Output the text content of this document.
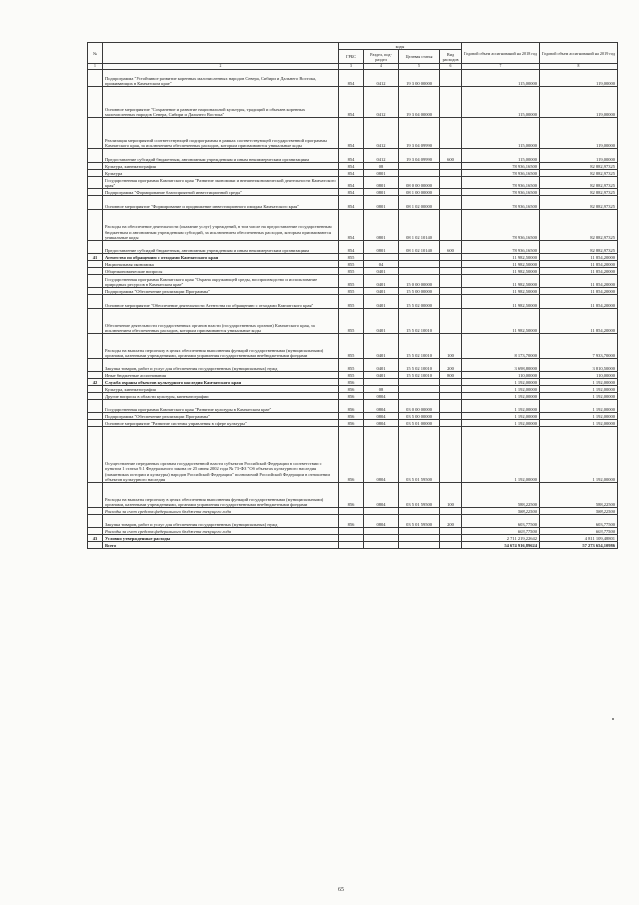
№		коды				Годовой объем ассигнований на 2018 год	Годовой объем ассигнований на 2019 год
		ГРБС	Раздел, под-раздел	Целевая статья	Вид расходов		
1	2	3	4	5	6	7	8
	Подпрограмма "Устойчивое развитие коренных малочисленных народов Севера, Сибири и Дальнего Востока, проживающих в Камчатском крае"	854	0412	19 3 00 00000		115,00000	119,00000
	Основное мероприятие "Сохранение и развитие национальной культуры, традиций и обычаев коренных малочисленных народов Севера, Сибири и Дальнего Востока"	854	0412	19 3 04 00000		115,00000	119,00000
	Реализация мероприятий соответствующей подпрограммы в рамках соответствующей государственной программы Камчатского края, за исключением обеспеченных расходов, которым присваиваются уникальные коды	854	0412	19 3 04 09990		115,00000	119,00000
	Предоставление субсидий бюджетным, автономным учреждениям и иным некоммерческим организациям	854	0412	19 3 04 09990	600	115,00000	119,00000
	Культура, кинематография	854	08			78 936,16500	82 882,97325
	Культура	854	0801			78 936,16500	82 882,97325
	Государственная программа Камчатского края "Развитие экономики и внешнеэкономической деятельности Камчатского края"	854	0801	08 0 00 00000		78 936,16500	82 882,97325
	Подпрограмма "Формирование благоприятной инвестиционной среды"	854	0801	08 1 00 00000		78 936,16500	82 882,97325
	Основное мероприятие "Формирование и продвижение инвестиционного имиджа Камчатского края"	854	0801	08 1 02 00000		78 936,16500	82 882,97325
	Расходы на обеспечение деятельности (оказание услуг) учреждений, в том числе на предоставление государственным бюджетным и автономным учреждениям субсидий, за исключением обеспеченных расходов, которым присваиваются уникальные коды	854	0801	08 1 02 10140		78 936,16500	82 882,97325
	Предоставление субсидий бюджетным, автономным учреждениям и иным некоммерческим организациям	854	0801	08 1 02 10140	600	78 936,16500	82 882,97325
41	Агентство по обращению с отходами Камчатского края	855				11 982,50000	11 854,20000
	Национальная экономика	855	04			11 982,50000	11 854,20000
	Общеэкономические вопросы	855	0401			11 982,50000	11 854,20000
	Государственная программа Камчатского края "Охрана окружающей среды, воспроизводство и использование природных ресурсов в Камчатском крае"	855	0401	15 0 00 00000		11 982,50000	11 854,20000
	Подпрограмма "Обеспечение реализации Программы"	855	0401	15 5 00 00000		11 982,50000	11 854,20000
	Основное мероприятие "Обеспечение деятельности Агентства по обращению с отходами Камчатского края"	855	0401	15 5 02 00000		11 982,50000	11 854,20000
	Обеспечение деятельности государственных органов власти (государственных органов) Камчатского края, за исключением обеспеченных расходов, которым присваиваются уникальные коды	855	0401	15 5 02 10010		11 982,50000	11 854,20000
	Расходы на выплаты персоналу в целях обеспечения выполнения функций государственными (муниципальными) органами, казенными учреждениями, органами управления государственными внебюджетными фондами	855	0401	15 5 02 10010	100	8 173,70000	7 933,70000
	Закупка товаров, работ и услуг для обеспечения государственных (муниципальных) нужд	855	0401	15 5 02 10010	200	3 698,80000	3 810,50000
	Иные бюджетные ассигнования	855	0401	15 5 02 10010	800	110,00000	110,00000
42	Служба охраны объектов культурного наследия Камчатского края	856				1 192,00000	1 192,00000
	Культура, кинематография	856	08			1 192,00000	1 192,00000
	Другие вопросы в области культуры, кинематографии	856	0804			1 192,00000	1 192,00000
	Государственная программа Камчатского края "Развитие культуры в Камчатском крае"	856	0804	03 0 00 00000		1 192,00000	1 192,00000
	Подпрограмма "Обеспечение реализации Программы"	856	0804	03 5 00 00000		1 192,00000	1 192,00000
	Основное мероприятие "Развитие системы управления в сфере культуры"	856	0804	03 5 01 00000		1 192,00000	1 192,00000
	Осуществление переданных органам государственной власти субъектов Российской Федерации в соответствии с пунктом 1 статьи 9.1 Федерального закона от 25 июня 2002 года № 73-ФЗ "Об объектах культурного наследия (памятниках истории и культуры) народов Российской Федерации" полномочий Российской Федерации в отношении объектов культурного наследия	856	0804	03 5 01 59500		1 192,00000	1 192,00000
	Расходы на выплаты персоналу в целях обеспечения выполнения функций государственными (муниципальными) органами, казенными учреждениями, органами управления государственными внебюджетными фондами	856	0804	03 5 01 59500	100	588,22500	588,22500
	Расходы за счет средств федерального бюджета текущего года					588,22500	588,22500
	Закупка товаров, работ и услуг для обеспечения государственных (муниципальных) нужд	856	0804	03 5 01 59500	200	603,77500	603,77500
	Расходы за счет средств федерального бюджета текущего года					603,77500	603,77500
43	Условно утвержденные расходы					2 711 219,22642	4 811 109,48801
	Всего					54 674 916,89624	57 273 654,10986
65
